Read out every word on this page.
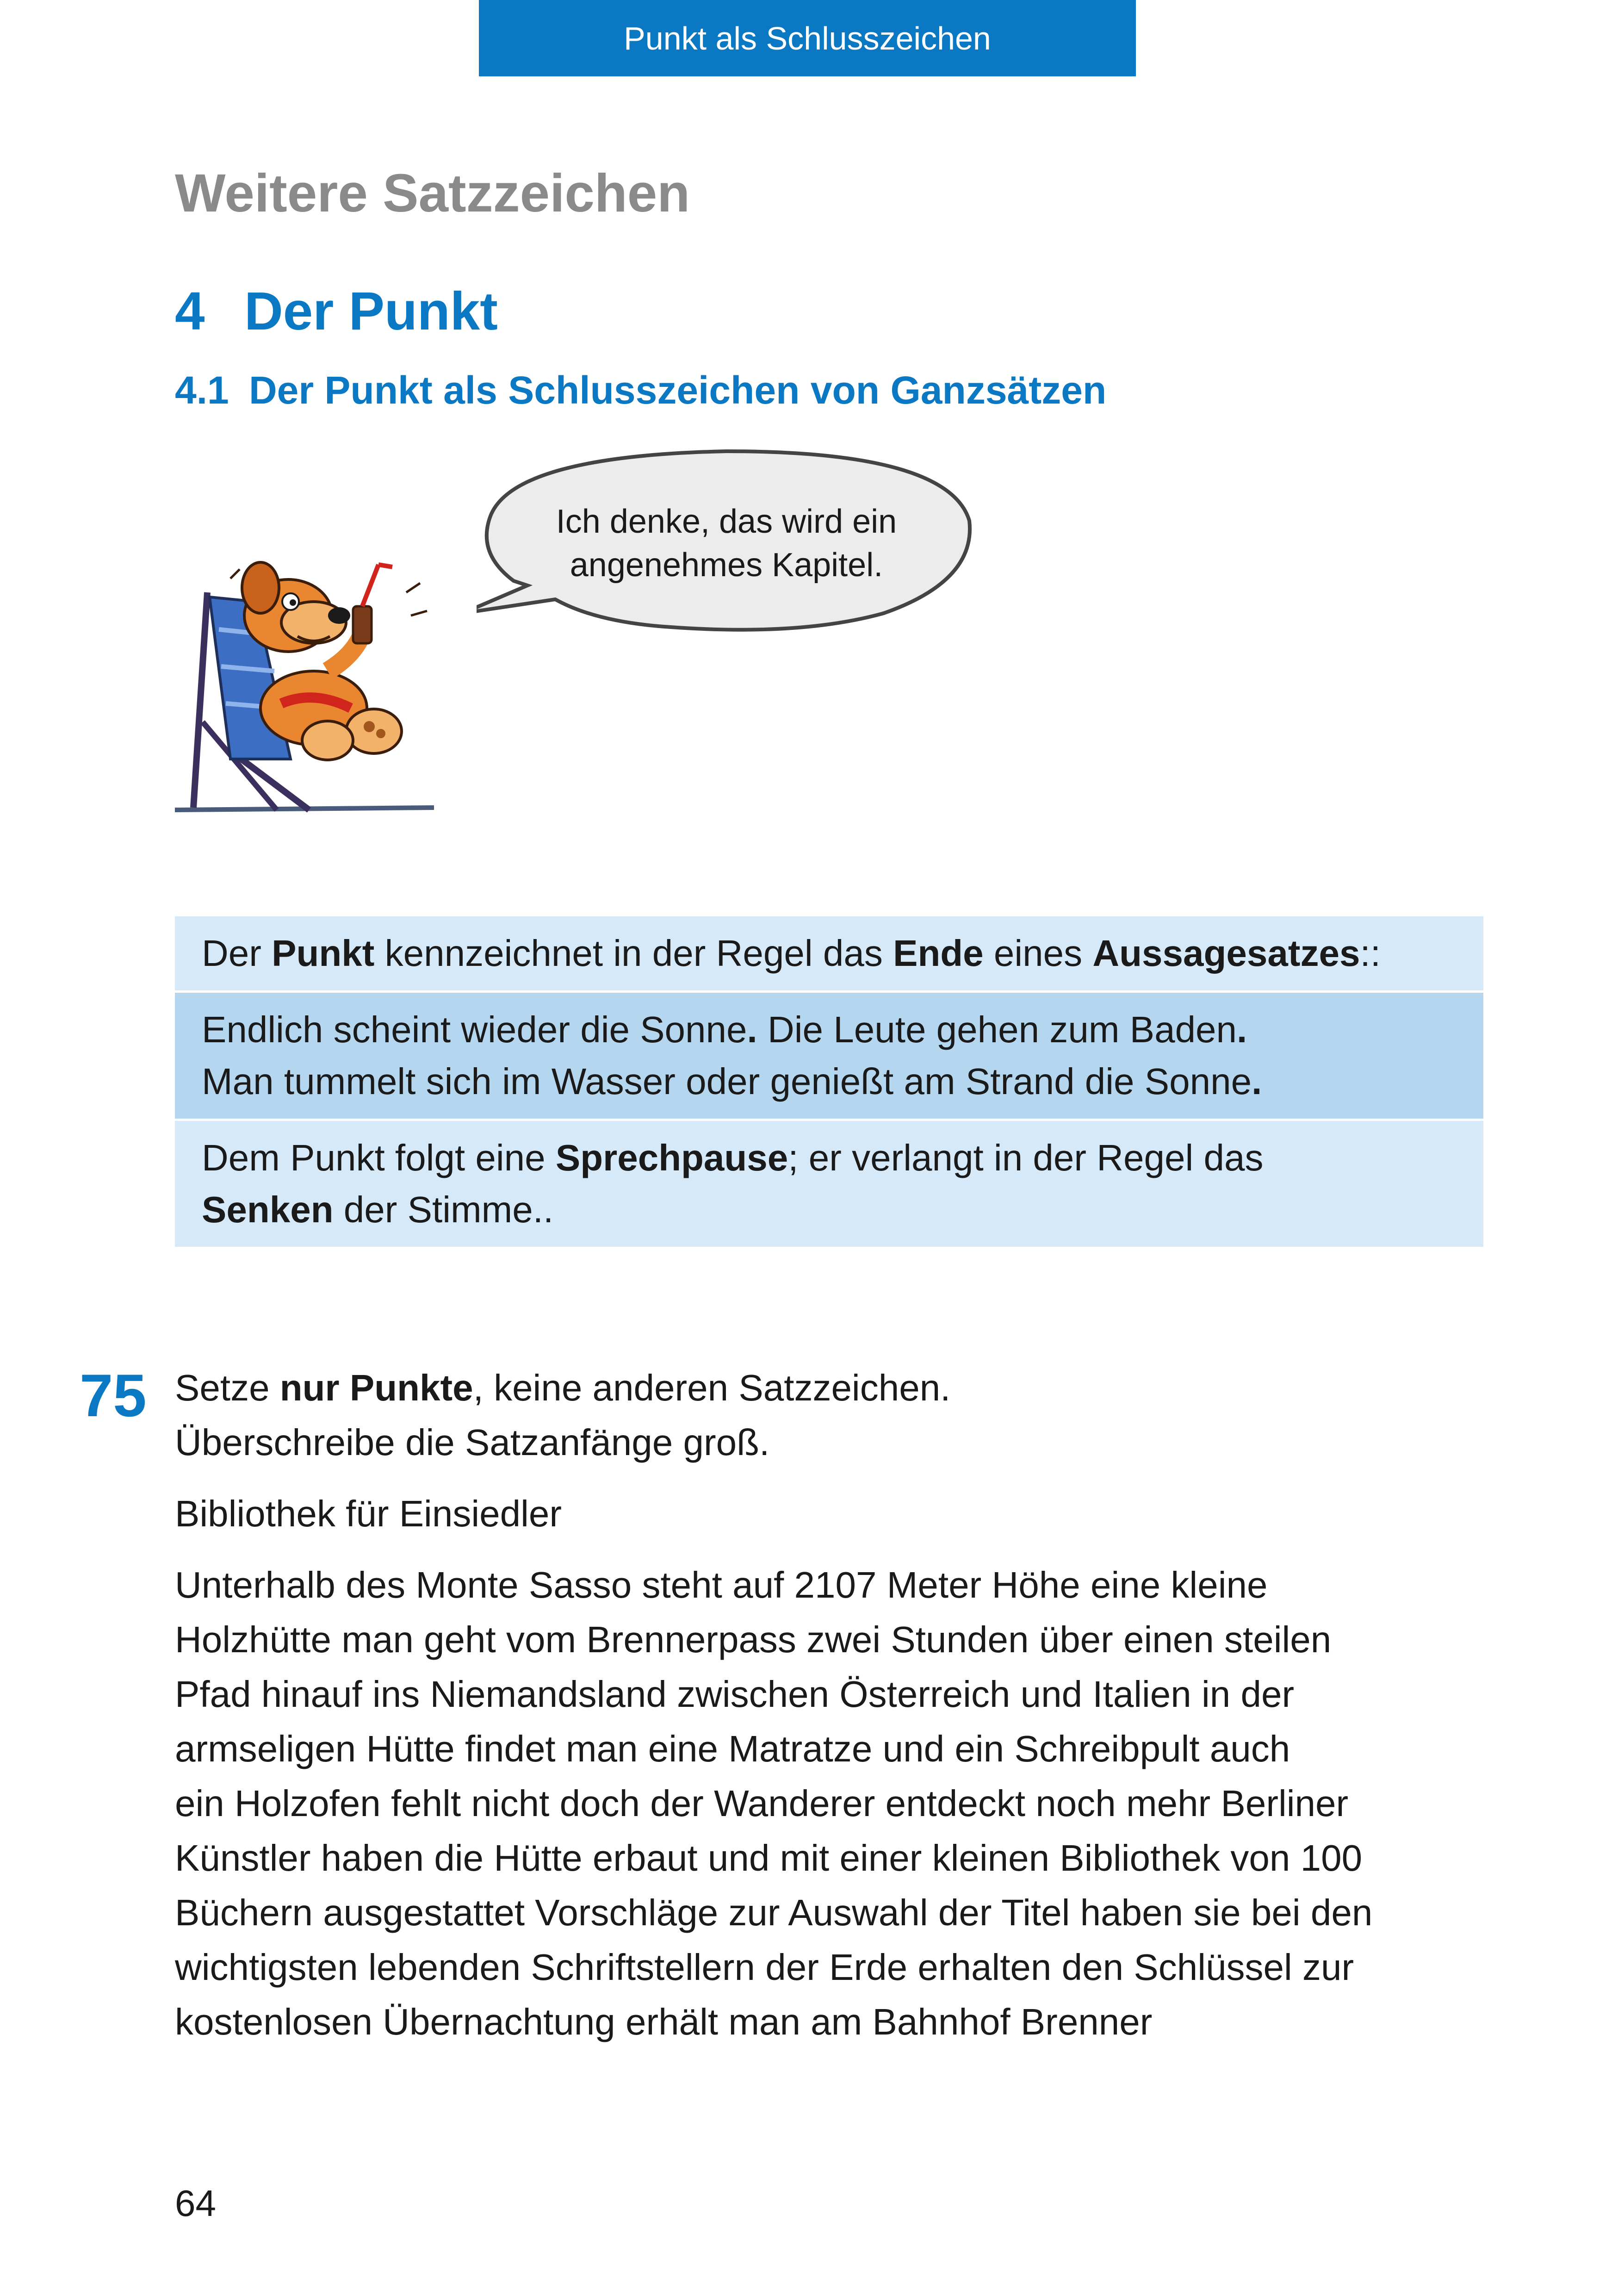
Punkt als Schlusszeichen
Weitere Satzzeichen
4 Der Punkt
4.1 Der Punkt als Schlusszeichen von Ganzsätzen
Ich denke, das wird ein
angenehmes Kapitel.
Der Punkt kennzeichnet in der Regel das Ende eines Aussagesatzes::
Endlich scheint wieder die Sonne. Die Leute gehen zum Baden.
Man tummelt sich im Wasser oder genießt am Strand die Sonne.
Dem Punkt folgt eine Sprechpause; er verlangt in der Regel das
Senken der Stimme..
75 Setze nur Punkte, keine anderen Satzzeichen.

Überschreibe die Satzanfänge groß.

Bibliothek für Einsiedler

Unterhalb des Monte Sasso steht auf 2107 Meter Höhe eine kleine

Holzhütte man geht vom Brennerpass zwei Stunden über einen steilen

Pfad hinauf ins Niemandsland zwischen Österreich und Italien in der

armseligen Hütte findet man eine Matratze und ein Schreibpult auch

ein Holzofen fehlt nicht doch der Wanderer entdeckt noch mehr Berliner

Künstler haben die Hütte erbaut und mit einer kleinen Bibliothek von 100

Büchern ausgestattet Vorschläge zur Auswahl der Titel haben sie bei den

wichtigsten lebenden Schriftstellern der Erde erhalten den Schlüssel zur

kostenlosen Übernachtung erhält man am Bahnhof Brenner

64
